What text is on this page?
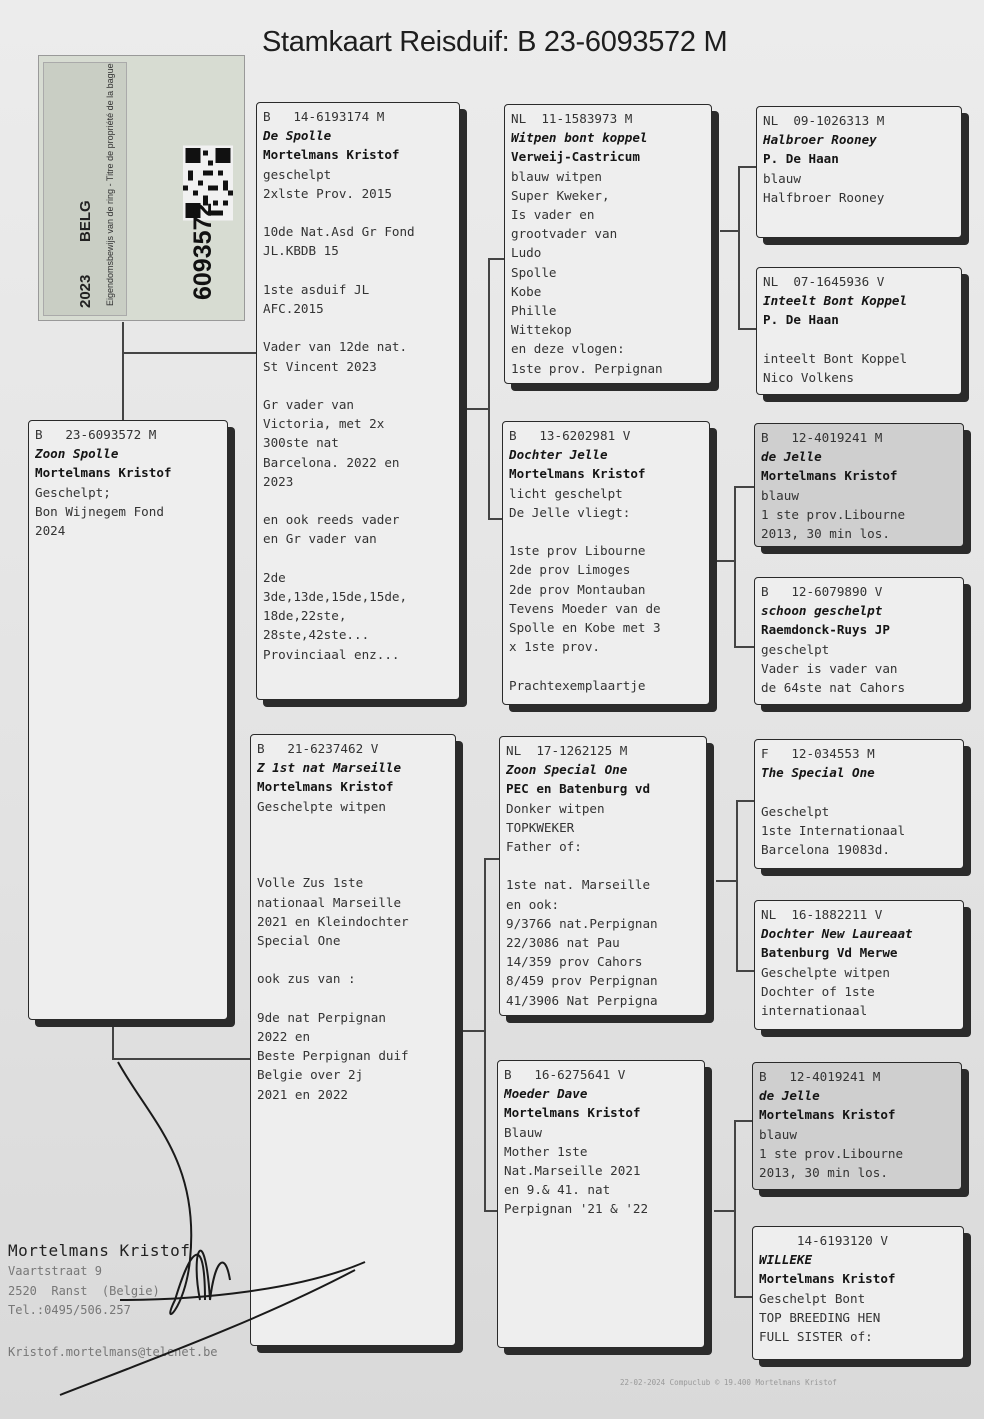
Stamkaart Reisduif: B 23-6093572 M
Eigendomsbewijs van de ring - Titre de propriété de la bague
2023
BELG	6093572
B   23-6093572 M
Zoon Spolle
Mortelmans Kristof
Geschelpt;
Bon Wijnegem Fond
2024
B   14-6193174 M
De Spolle
Mortelmans Kristof
geschelpt
2xlste Prov. 2015
10de Nat.Asd Gr Fond
JL.KBDB 15
1ste asduif JL
AFC.2015
Vader van 12de nat.
St Vincent 2023
Gr vader van
Victoria, met 2x
300ste nat
Barcelona. 2022 en
2023
en ook reeds vader
en Gr vader van
2de
3de,13de,15de,15de,
18de,22ste,
28ste,42ste...
Provinciaal enz...
B   21-6237462 V
Z 1st nat Marseille
Mortelmans Kristof
Geschelpte witpen
Volle Zus 1ste
nationaal Marseille
2021 en Kleindochter
Special One
ook zus van :
9de nat Perpignan
2022 en
Beste Perpignan duif
Belgie over 2j
2021 en 2022
NL  11-1583973 M
Witpen bont koppel
Verweij-Castricum
blauw witpen
Super Kweker,
Is vader en
grootvader van
Ludo
Spolle
Kobe
Phille
Wittekop
en deze vlogen:
1ste prov. Perpignan
B   13-6202981 V
Dochter Jelle
Mortelmans Kristof
licht geschelpt
De Jelle vliegt:
1ste prov Libourne
2de prov Limoges
2de prov Montauban
Tevens Moeder van de
Spolle en Kobe met 3
x 1ste prov.
Prachtexemplaartje
NL  17-1262125 M
Zoon Special One
PEC en Batenburg vd
Donker witpen
TOPKWEKER
Father of:
1ste nat. Marseille
en ook:
9/3766 nat.Perpignan
22/3086 nat Pau
14/359 prov Cahors
8/459 prov Perpignan
41/3906 Nat Perpigna
B   16-6275641 V
Moeder Dave
Mortelmans Kristof
Blauw
Mother 1ste
Nat.Marseille 2021
en 9.& 41. nat
Perpignan '21 & '22
NL  09-1026313 M
Halbroer Rooney
P. De Haan
blauw
Halfbroer Rooney
NL  07-1645936 V
Inteelt Bont Koppel
P. De Haan
inteelt Bont Koppel
Nico Volkens
B   12-4019241 M
de Jelle
Mortelmans Kristof
blauw
1 ste prov.Libourne
2013, 30 min los.
B   12-6079890 V
schoon geschelpt
Raemdonck-Ruys JP
geschelpt
Vader is vader van
de 64ste nat Cahors
F   12-034553 M
The Special One
Geschelpt
1ste Internationaal
Barcelona 19083d.
NL  16-1882211 V
Dochter New Laureaat
Batenburg Vd Merwe
Geschelpte witpen
Dochter of 1ste
internationaal
B   12-4019241 M
de Jelle
Mortelmans Kristof
blauw
1 ste prov.Libourne
2013, 30 min los.
14-6193120 V
WILLEKE
Mortelmans Kristof
Geschelpt Bont
TOP BREEDING HEN
FULL SISTER of:
Mortelmans Kristof
Vaartstraat 9
2520  Ranst  (Belgie)
Tel.:0495/506.257
Kristof.mortelmans@telenet.be
22-02-2024 Compuclub © 19.400 Mortelmans Kristof
